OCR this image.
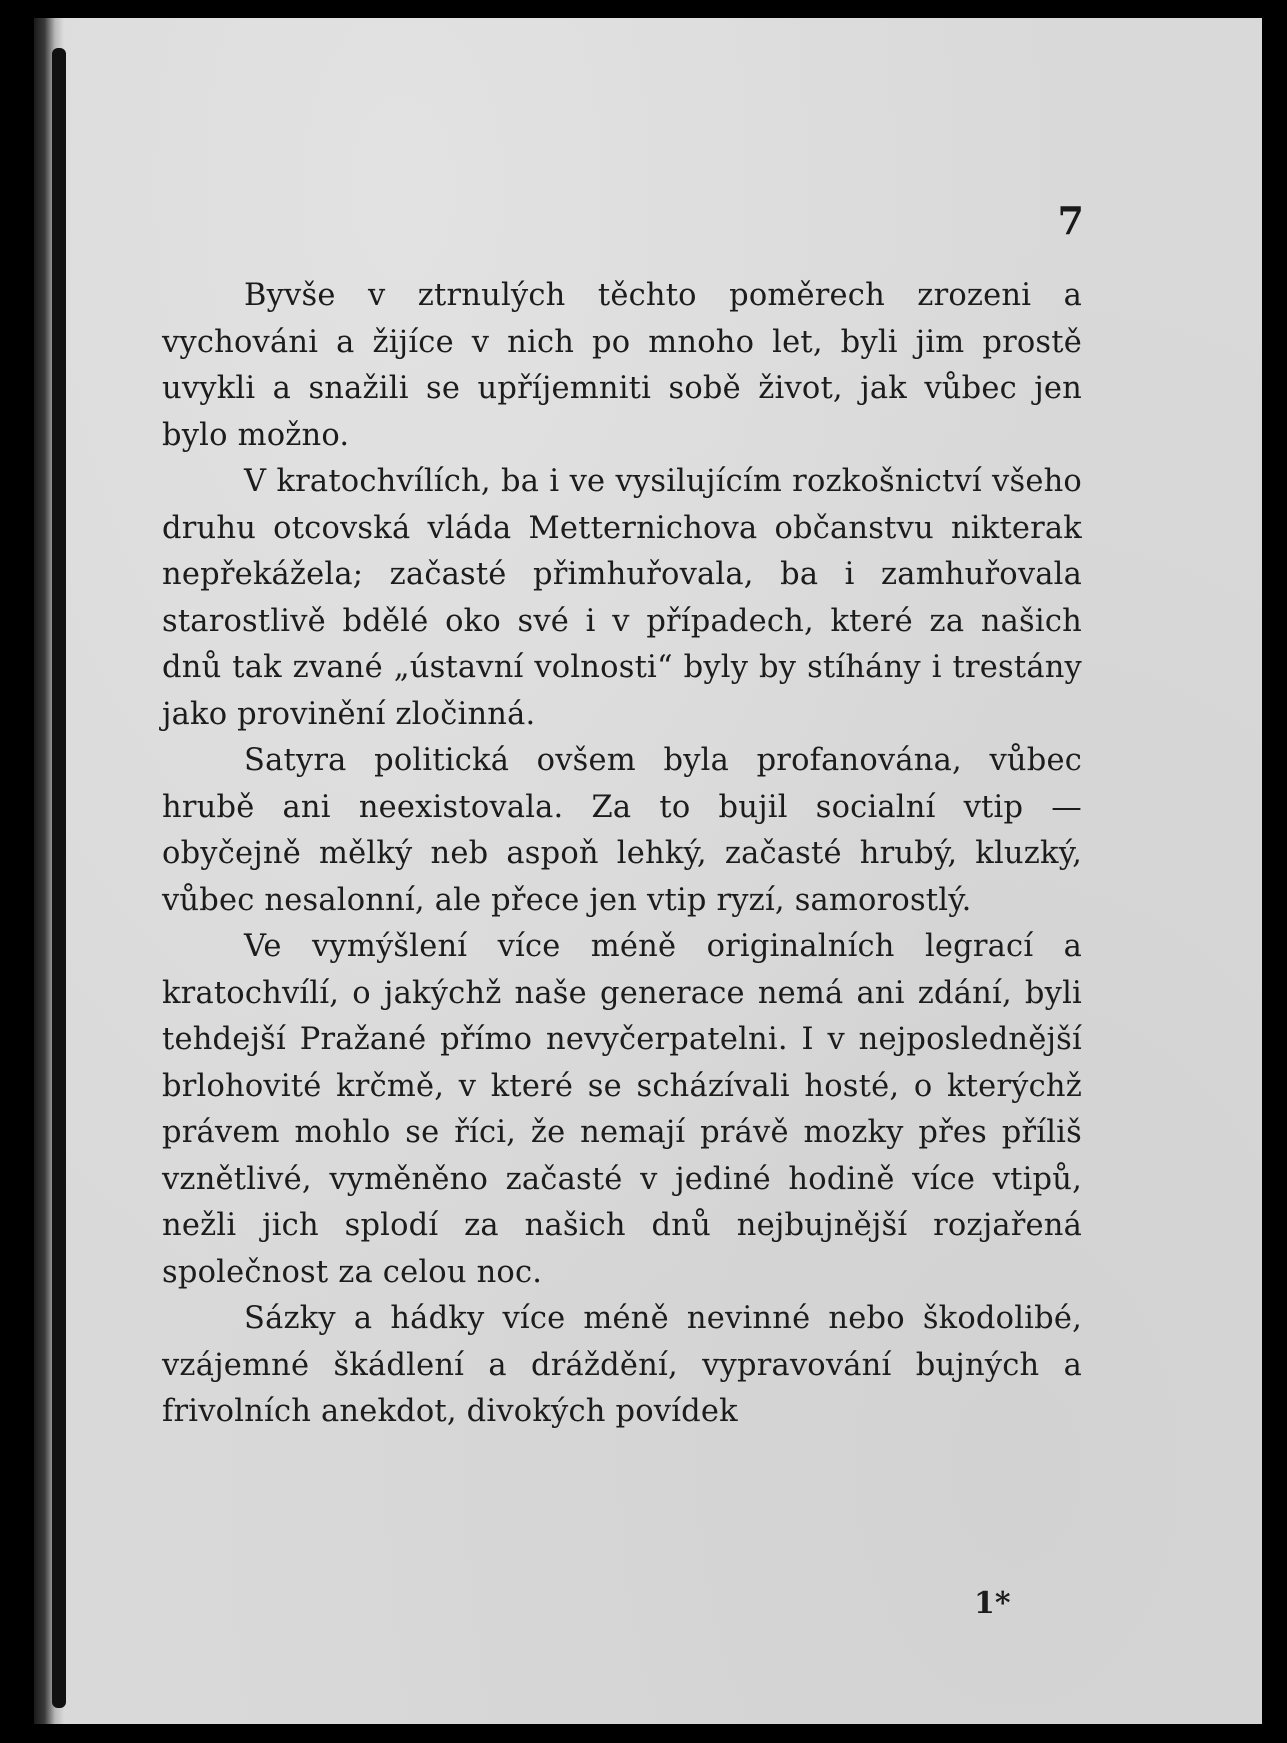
7

Byvše v ztrnulých těchto poměrech zrozeni a vychováni a žijíce v nich po mnoho let, byli jim prostě uvykli a snažili se upříjemniti sobě život, jak vůbec jen bylo možno.

V kratochvílích, ba i ve vysilujícím rozkošnictví všeho druhu otcovská vláda Metternichova občanstvu nikterak nepřekážela; začasté přimhuřovala, ba i zamhuřovala starostlivě bdělé oko své i v případech, které za našich dnů tak zvané „ústavní volnosti“ byly by stíhány i trestány jako provinění zločinná.

Satyra politická ovšem byla profanována, vůbec hrubě ani neexistovala. Za to bujil socialní vtip — obyčejně mělký neb aspoň lehký, začasté hrubý, kluzký, vůbec nesalonní, ale přece jen vtip ryzí, samorostlý.

Ve vymýšlení více méně originalních legrací a kratochvílí, o jakýchž naše generace nemá ani zdání, byli tehdejší Pražané přímo nevyčerpatelni. I v nejposlednější brlohovité krčmě, v které se scházívali hosté, o kterýchž právem mohlo se říci, že nemají právě mozky přes příliš vznětlivé, vyměněno začasté v jediné hodině více vtipů, nežli jich splodí za našich dnů nejbujnější rozjařená společnost za celou noc.

Sázky a hádky více méně nevinné nebo škodolibé, vzájemné škádlení a dráždění, vypravování bujných a frivolních anekdot, divokých povídek

1*
